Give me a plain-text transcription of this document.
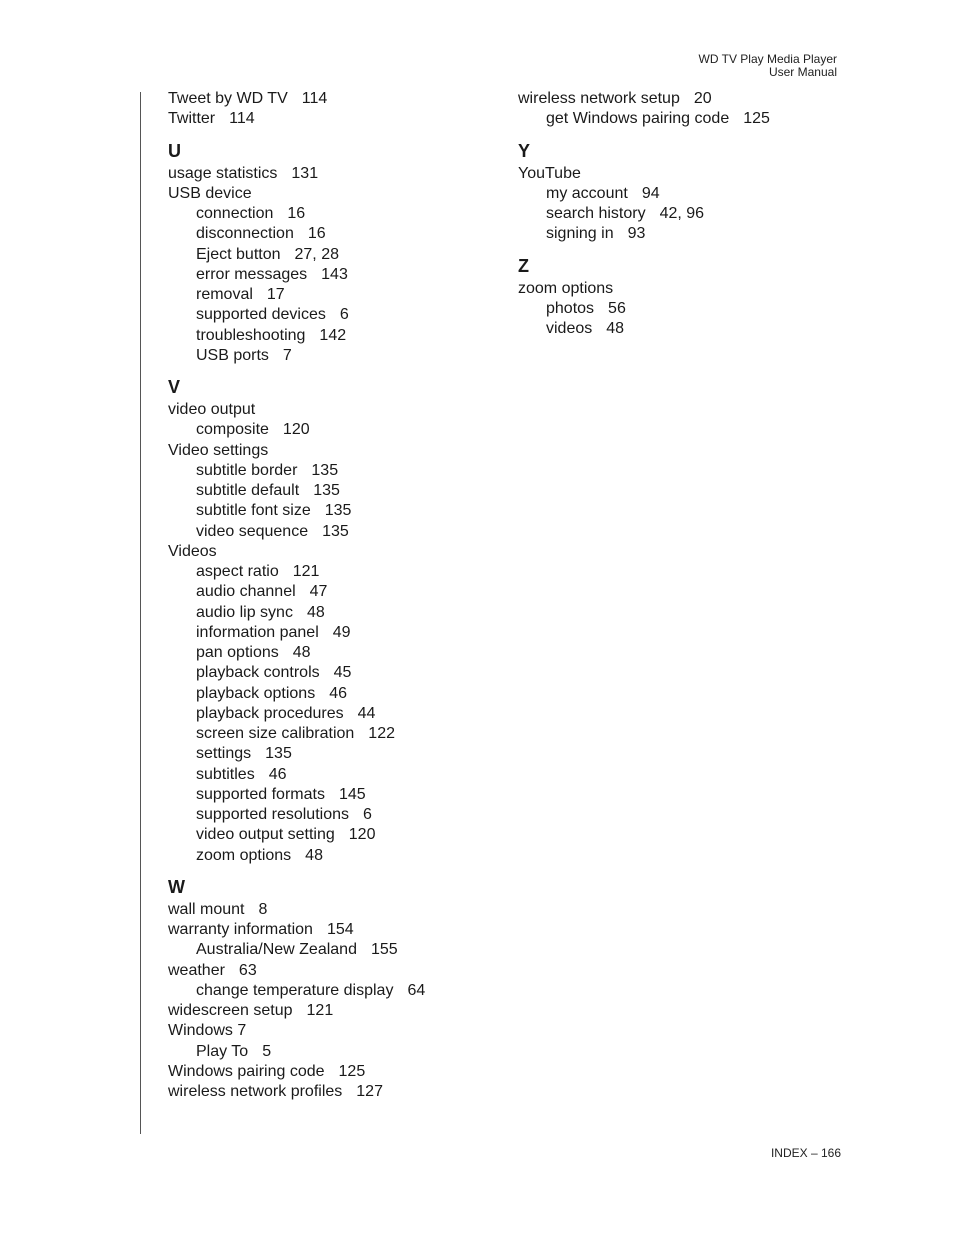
WD TV Play Media Player
User Manual
Tweet by WD TV 114
Twitter 114
U
usage statistics 131
USB device
connection 16
disconnection 16
Eject button 27, 28
error messages 143
removal 17
supported devices 6
troubleshooting 142
USB ports 7
V
video output
composite 120
Video settings
subtitle border 135
subtitle default 135
subtitle font size 135
video sequence 135
Videos
aspect ratio 121
audio channel 47
audio lip sync 48
information panel 49
pan options 48
playback controls 45
playback options 46
playback procedures 44
screen size calibration 122
settings 135
subtitles 46
supported formats 145
supported resolutions 6
video output setting 120
zoom options 48
W
wall mount 8
warranty information 154
Australia/New Zealand 155
weather 63
change temperature display 64
widescreen setup 121
Windows 7
Play To 5
Windows pairing code 125
wireless network profiles 127
wireless network setup 20
get Windows pairing code 125
Y
YouTube
my account 94
search history 42, 96
signing in 93
Z
zoom options
photos 56
videos 48
INDEX – 166
